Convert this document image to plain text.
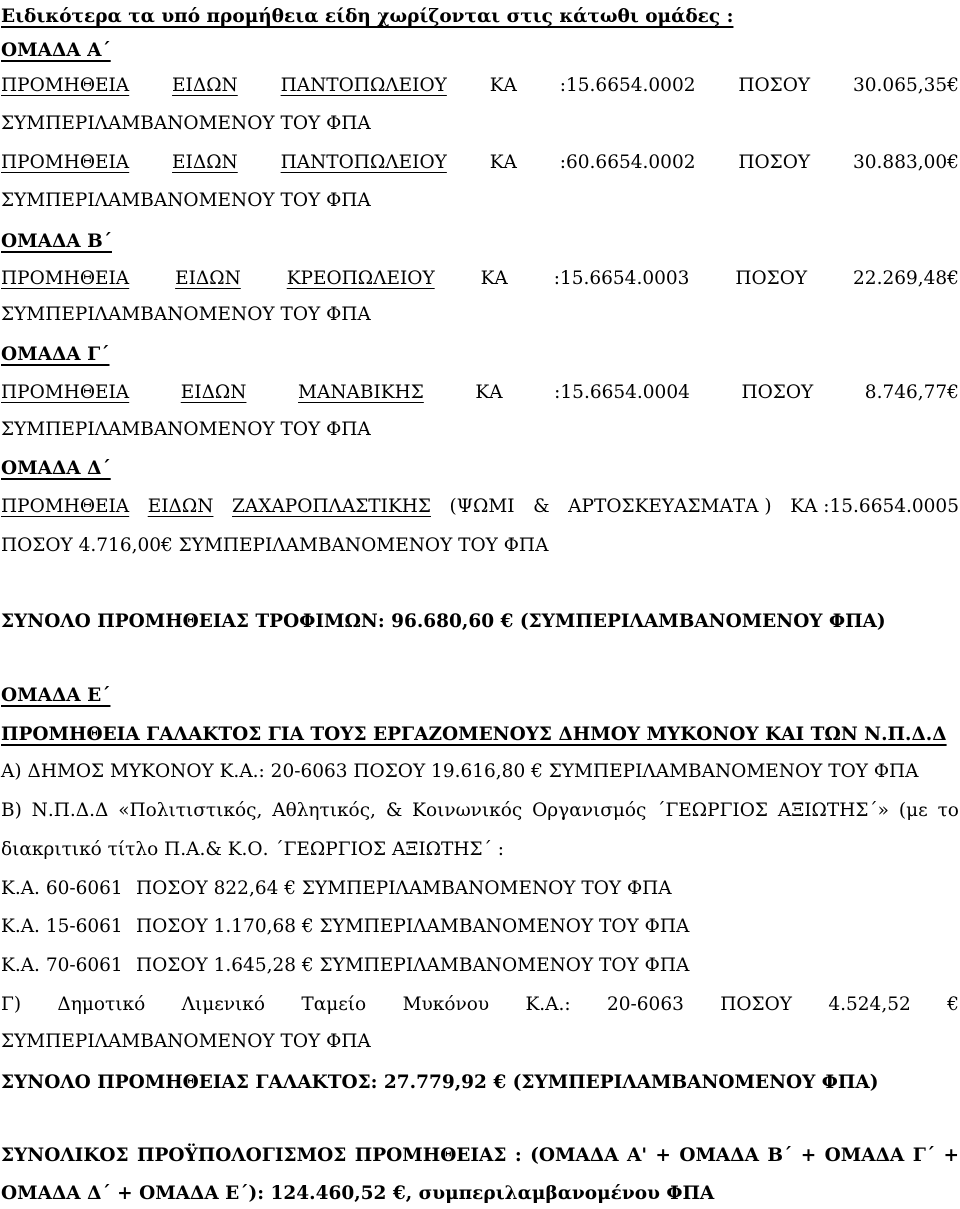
Ειδικότερα τα υπό προμήθεια είδη χωρίζονται στις κάτωθι ομάδες :
ΟΜΑΔΑ Α΄
ΠΡΟΜΗΘΕΙΑ ΕΙΔΩΝ ΠΑΝΤΟΠΩΛΕΙΟΥ ΚΑ :15.6654.0002 ΠΟΣΟΥ 30.065,35€
ΣΥΜΠΕΡΙΛΑΜΒΑΝΟΜΕΝΟΥ ΤΟΥ ΦΠΑ
ΠΡΟΜΗΘΕΙΑ ΕΙΔΩΝ ΠΑΝΤΟΠΩΛΕΙΟΥ ΚΑ :60.6654.0002 ΠΟΣΟΥ 30.883,00€
ΣΥΜΠΕΡΙΛΑΜΒΑΝΟΜΕΝΟΥ ΤΟΥ ΦΠΑ
ΟΜΑΔΑ Β΄
ΠΡΟΜΗΘΕΙΑ ΕΙΔΩΝ ΚΡΕΟΠΩΛΕΙΟΥ ΚΑ :15.6654.0003 ΠΟΣΟΥ 22.269,48€
ΣΥΜΠΕΡΙΛΑΜΒΑΝΟΜΕΝΟΥ ΤΟΥ ΦΠΑ
ΟΜΑΔΑ Γ΄
ΠΡΟΜΗΘΕΙΑ	ΕΙΔΩΝ	ΜΑΝΑΒΙΚΗΣ	ΚΑ	:15.6654.0004	ΠΟΣΟΥ	8.746,77€
ΣΥΜΠΕΡΙΛΑΜΒΑΝΟΜΕΝΟΥ ΤΟΥ ΦΠΑ
ΟΜΑΔΑ Δ΄
ΠΡΟΜΗΘΕΙΑ ΕΙΔΩΝ ΖΑΧΑΡΟΠΛΑΣΤΙΚΗΣ (ΨΩΜΙ & ΑΡΤΟΣΚΕΥΑΣΜΑΤΑ ) ΚΑ :15.6654.0005
ΠΟΣΟΥ 4.716,00€ ΣΥΜΠΕΡΙΛΑΜΒΑΝΟΜΕΝΟΥ ΤΟΥ ΦΠΑ
ΣΥΝΟΛΟ ΠΡΟΜΗΘΕΙΑΣ ΤΡΟΦΙΜΩΝ: 96.680,60 € (ΣΥΜΠΕΡΙΛΑΜΒΑΝΟΜΕΝΟΥ ΦΠΑ)
ΟΜΑΔΑ Ε΄
ΠΡΟΜΗΘΕΙΑ ΓΑΛΑΚΤΟΣ ΓΙΑ ΤΟΥΣ ΕΡΓΑΖΟΜΕΝΟΥΣ ΔΗΜΟΥ ΜΥΚΟΝΟΥ ΚΑΙ ΤΩΝ Ν.Π.Δ.Δ
Α) ΔΗΜΟΣ ΜΥΚΟΝΟΥ Κ.Α.: 20-6063 ΠΟΣΟΥ 19.616,80 € ΣΥΜΠΕΡΙΛΑΜΒΑΝΟΜΕΝΟΥ ΤΟΥ ΦΠΑ
Β) Ν.Π.Δ.Δ «Πολιτιστικός, Αθλητικός, & Κοινωνικός Οργανισμός ΄ΓΕΩΡΓΙΟΣ ΑΞΙΩΤΗΣ΄» (με το
διακριτικό τίτλο Π.Α.& Κ.Ο. ΄ΓΕΩΡΓΙΟΣ ΑΞΙΩΤΗΣ΄ :
Κ.Α. 60-6061 ΠΟΣΟΥ 822,64 € ΣΥΜΠΕΡΙΛΑΜΒΑΝΟΜΕΝΟΥ ΤΟΥ ΦΠΑ
Κ.Α. 15-6061 ΠΟΣΟΥ 1.170,68 € ΣΥΜΠΕΡΙΛΑΜΒΑΝΟΜΕΝΟΥ ΤΟΥ ΦΠΑ
Κ.Α. 70-6061 ΠΟΣΟΥ 1.645,28 € ΣΥΜΠΕΡΙΛΑΜΒΑΝΟΜΕΝΟΥ ΤΟΥ ΦΠΑ
Γ) Δημοτικό Λιμενικό Ταμείο Μυκόνου Κ.Α.: 20-6063 ΠΟΣΟΥ 4.524,52 €
ΣΥΜΠΕΡΙΛΑΜΒΑΝΟΜΕΝΟΥ ΤΟΥ ΦΠΑ
ΣΥΝΟΛΟ ΠΡΟΜΗΘΕΙΑΣ ΓΑΛΑΚΤΟΣ: 27.779,92 € (ΣΥΜΠΕΡΙΛΑΜΒΑΝΟΜΕΝΟΥ ΦΠΑ)
ΣΥΝΟΛΙΚΟΣ ΠΡΟΫΠΟΛΟΓΙΣΜΟΣ ΠΡΟΜΗΘΕΙΑΣ : (ΟΜΑΔΑ Α' + ΟΜΑΔΑ Β΄ + ΟΜΑΔΑ Γ΄ +
ΟΜΑΔΑ Δ΄ + ΟΜΑΔΑ Ε΄): 124.460,52 €, συμπεριλαμβανομένου ΦΠΑ
